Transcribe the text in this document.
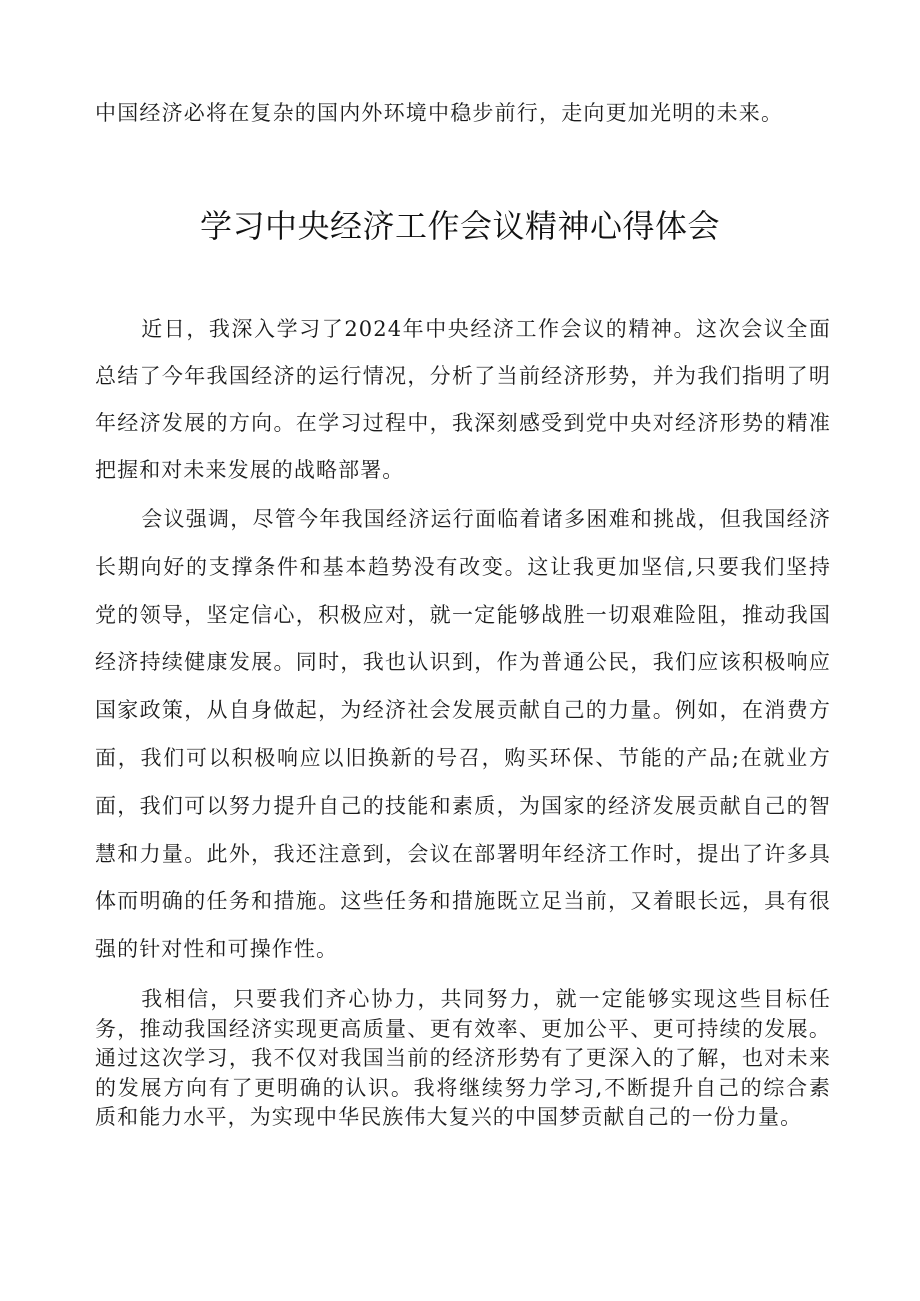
中国经济必将在复杂的国内外环境中稳步前行，走向更加光明的未来。
学习中央经济工作会议精神心得体会

近日，我深入学习了2024年中央经济工作会议的精神。这次会议全面总结了今年我国经济的运行情况，分析了当前经济形势，并为我们指明了明年经济发展的方向。在学习过程中，我深刻感受到党中央对经济形势的精准把握和对未来发展的战略部署。

会议强调，尽管今年我国经济运行面临着诸多困难和挑战，但我国经济长期向好的支撑条件和基本趋势没有改变。这让我更加坚信,只要我们坚持党的领导，坚定信心，积极应对，就一定能够战胜一切艰难险阻，推动我国经济持续健康发展。同时，我也认识到，作为普通公民，我们应该积极响应国家政策，从自身做起，为经济社会发展贡献自己的力量。例如，在消费方面，我们可以积极响应以旧换新的号召，购买环保、节能的产品;在就业方面，我们可以努力提升自己的技能和素质，为国家的经济发展贡献自己的智慧和力量。此外，我还注意到，会议在部署明年经济工作时，提出了许多具体而明确的任务和措施。这些任务和措施既立足当前，又着眼长远，具有很强的针对性和可操作性。

我相信，只要我们齐心协力，共同努力，就一定能够实现这些目标任务，推动我国经济实现更高质量、更有效率、更加公平、更可持续的发展。通过这次学习，我不仅对我国当前的经济形势有了更深入的了解，也对未来的发展方向有了更明确的认识。我将继续努力学习,不断提升自己的综合素质和能力水平，为实现中华民族伟大复兴的中国梦贡献自己的一份力量。
